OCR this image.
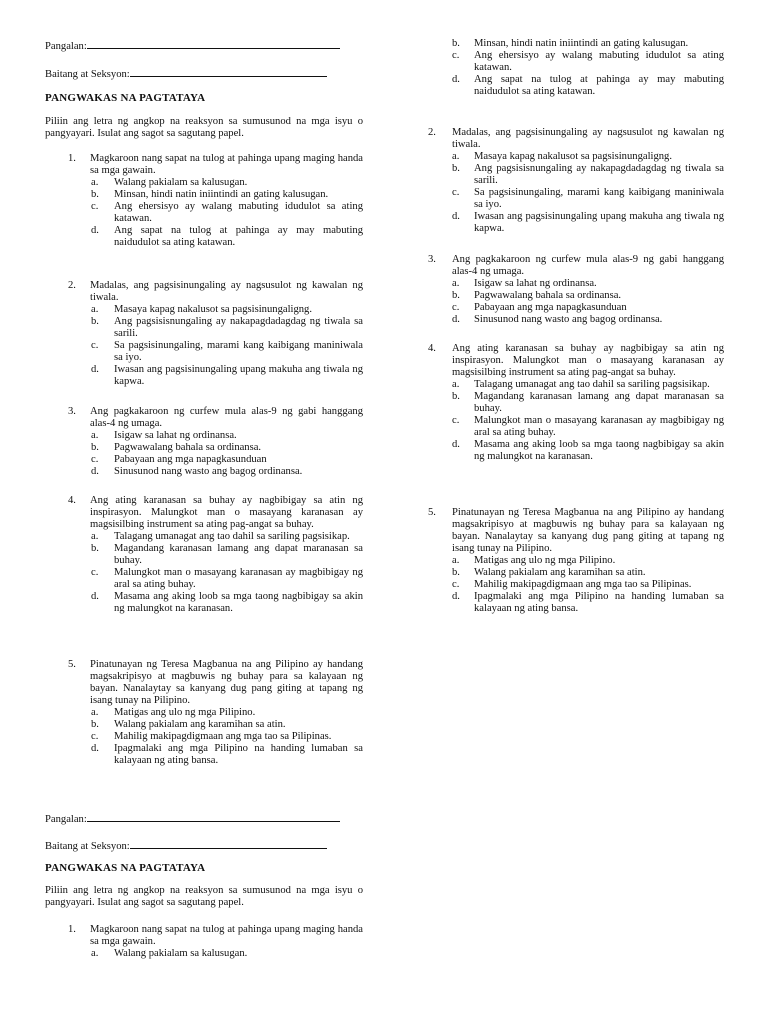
Pangalan:
Baitang at Seksyon:
PANGWAKAS NA PAGTATAYA
Piliin ang letra ng angkop na reaksyon sa sumusunod na mga isyu o pangyayari. Isulat ang sagot sa sagutang papel.
1. Magkaroon nang sapat na tulog at pahinga upang maging handa sa mga gawain.
a. Walang pakialam sa kalusugan.
b. Minsan, hindi natin iniintindi an gating kalusugan.
c. Ang ehersisyo ay walang mabuting idudulot sa ating katawan.
d. Ang sapat na tulog at pahinga ay may mabuting naidudulot sa ating katawan.
2. Madalas, ang pagsisinungaling ay nagsusulot ng kawalan ng tiwala.
a. Masaya kapag nakalusot sa pagsisinungaligng.
b. Ang pagsisisnungaling ay nakapagdadagdag ng tiwala sa sarili.
c. Sa pagsisinungaling, marami kang kaibigang maniniwala sa iyo.
d. Iwasan ang pagsisinungaling upang makuha ang tiwala ng kapwa.
3. Ang pagkakaroon ng curfew mula alas-9 ng gabi hanggang alas-4 ng umaga.
a. Isigaw sa lahat ng ordinansa.
b. Pagwawalang bahala sa ordinansa.
c. Pabayaan ang mga napagkasunduan
d. Sinusunod nang wasto ang bagog ordinansa.
4. Ang ating karanasan sa buhay ay nagbibigay sa atin ng inspirasyon. Malungkot man o masayang karanasan ay magsisilbing instrument sa ating pag-angat sa buhay.
a. Talagang umanagat ang tao dahil sa sariling pagsisikap.
b. Magandang karanasan lamang ang dapat maranasan sa buhay.
c. Malungkot man o masayang karanasan ay magbibigay ng aral sa ating buhay.
d. Masama ang aking loob sa mga taong nagbibigay sa akin ng malungkot na karanasan.
5. Pinatunayan ng Teresa Magbanua na ang Pilipino ay handang magsakripisyo at magbuwis ng buhay para sa kalayaan ng bayan. Nanalaytay sa kanyang dug pang giting at tapang ng isang tunay na Pilipino.
a. Matigas ang ulo ng mga Pilipino.
b. Walang pakialam ang karamihan sa atin.
c. Mahilig makipagdigmaan ang mga tao sa Pilipinas.
d. Ipagmalaki ang mga Pilipino na handing lumaban sa kalayaan ng ating bansa.
Pangalan:
Baitang at Seksyon:
PANGWAKAS NA PAGTATAYA
Piliin ang letra ng angkop na reaksyon sa sumusunod na mga isyu o pangyayari. Isulat ang sagot sa sagutang papel.
1. Magkaroon nang sapat na tulog at pahinga upang maging handa sa mga gawain.
a. Walang pakialam sa kalusugan.
b. Minsan, hindi natin iniintindi an gating kalusugan.
c. Ang ehersisyo ay walang mabuting idudulot sa ating katawan.
d. Ang sapat na tulog at pahinga ay may mabuting naidudulot sa ating katawan.
2. Madalas, ang pagsisinungaling ay nagsusulot ng kawalan ng tiwala.
a. Masaya kapag nakalusot sa pagsisinungaligng.
b. Ang pagsisisnungaling ay nakapagdadagdag ng tiwala sa sarili.
c. Sa pagsisinungaling, marami kang kaibigang maniniwala sa iyo.
d. Iwasan ang pagsisinungaling upang makuha ang tiwala ng kapwa.
3. Ang pagkakaroon ng curfew mula alas-9 ng gabi hanggang alas-4 ng umaga.
a. Isigaw sa lahat ng ordinansa.
b. Pagwawalang bahala sa ordinansa.
c. Pabayaan ang mga napagkasunduan
d. Sinusunod nang wasto ang bagog ordinansa.
4. Ang ating karanasan sa buhay ay nagbibigay sa atin ng inspirasyon. Malungkot man o masayang karanasan ay magsisilbing instrument sa ating pag-angat sa buhay.
a. Talagang umanagat ang tao dahil sa sariling pagsisikap.
b. Magandang karanasan lamang ang dapat maranasan sa buhay.
c. Malungkot man o masayang karanasan ay magbibigay ng aral sa ating buhay.
d. Masama ang aking loob sa mga taong nagbibigay sa akin ng malungkot na karanasan.
5. Pinatunayan ng Teresa Magbanua na ang Pilipino ay handang magsakripisyo at magbuwis ng buhay para sa kalayaan ng bayan. Nanalaytay sa kanyang dug pang giting at tapang ng isang tunay na Pilipino.
a. Matigas ang ulo ng mga Pilipino.
b. Walang pakialam ang karamihan sa atin.
c. Mahilig makipagdigmaan ang mga tao sa Pilipinas.
d. Ipagmalaki ang mga Pilipino na handing lumaban sa kalayaan ng ating bansa.
